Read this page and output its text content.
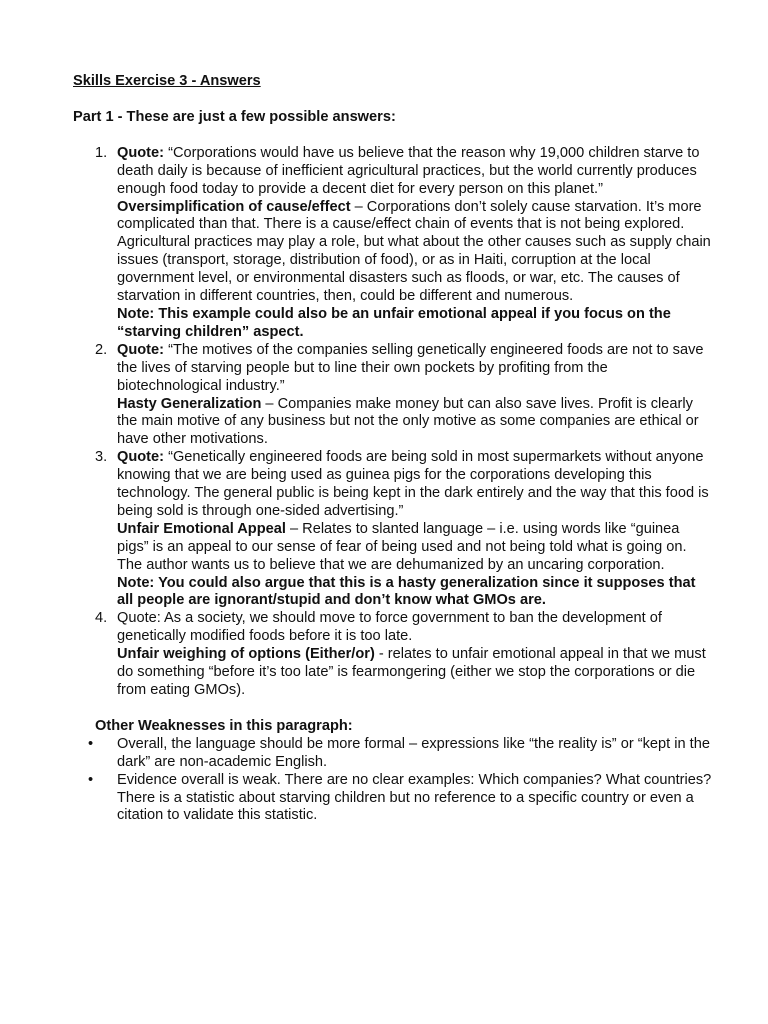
Skills Exercise 3 - Answers

Part 1 - These are just a few possible answers:

1. Quote: “Corporations would have us believe that the reason why 19,000 children starve to death daily is because of inefficient agricultural practices, but the world currently produces enough food today to provide a decent diet for every person on this planet.”
Oversimplification of cause/effect – Corporations don’t solely cause starvation. It’s more complicated than that. There is a cause/effect chain of events that is not being explored. Agricultural practices may play a role, but what about the other causes such as supply chain issues (transport, storage, distribution of food), or as in Haiti, corruption at the local government level, or environmental disasters such as floods, or war, etc. The causes of starvation in different countries, then, could be different and numerous.
Note: This example could also be an unfair emotional appeal if you focus on the “starving children” aspect.
2. Quote: “The motives of the companies selling genetically engineered foods are not to save the lives of starving people but to line their own pockets by profiting from the biotechnological industry.”
Hasty Generalization – Companies make money but can also save lives. Profit is clearly the main motive of any business but not the only motive as some companies are ethical or have other motivations.
3. Quote: “Genetically engineered foods are being sold in most supermarkets without anyone knowing that we are being used as guinea pigs for the corporations developing this technology. The general public is being kept in the dark entirely and the way that this food is being sold is through one-sided advertising.”
Unfair Emotional Appeal – Relates to slanted language – i.e. using words like “guinea pigs” is an appeal to our sense of fear of being used and not being told what is going on. The author wants us to believe that we are dehumanized by an uncaring corporation.
Note: You could also argue that this is a hasty generalization since it supposes that all people are ignorant/stupid and don’t know what GMOs are.
4. Quote: As a society, we should move to force government to ban the development of genetically modified foods before it is too late.
Unfair weighing of options (Either/or) - relates to unfair emotional appeal in that we must do something “before it’s too late” is fearmongering (either we stop the corporations or die from eating GMOs).

Other Weaknesses in this paragraph:

• Overall, the language should be more formal – expressions like “the reality is” or “kept in the dark” are non-academic English.
• Evidence overall is weak. There are no clear examples: Which companies? What countries? There is a statistic about starving children but no reference to a specific country or even a citation to validate this statistic.
